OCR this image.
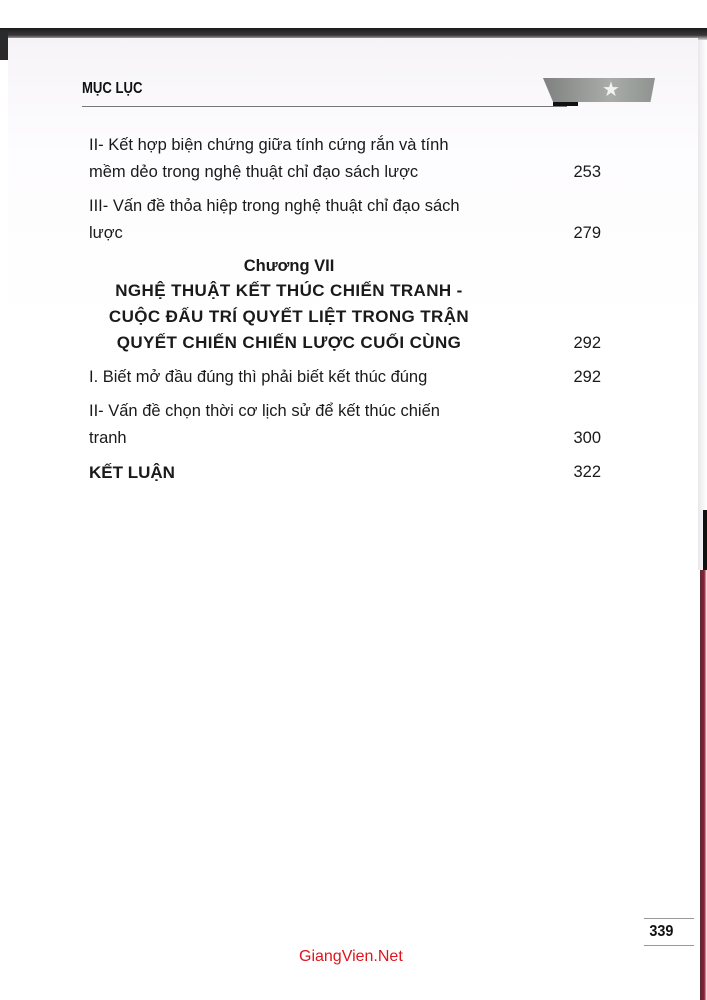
MỤC LỤC	★
II- Kết hợp biện chứng giữa tính cứng rắn và tính
mềm dẻo trong nghệ thuật chỉ đạo sách lược	253
III- Vấn đề thỏa hiệp trong nghệ thuật chỉ đạo sách
lược	279
Chương VII
NGHỆ THUẬT KẾT THÚC CHIẾN TRANH -
CUỘC ĐẤU TRÍ QUYẾT LIỆT TRONG TRẬN
QUYẾT CHIẾN CHIẾN LƯỢC CUỐI CÙNG	292
I. Biết mở đầu đúng thì phải biết kết thúc đúng	292
II- Vấn đề chọn thời cơ lịch sử để kết thúc chiến
tranh	300
KẾT LUẬN	322
339
GiangVien.Net
